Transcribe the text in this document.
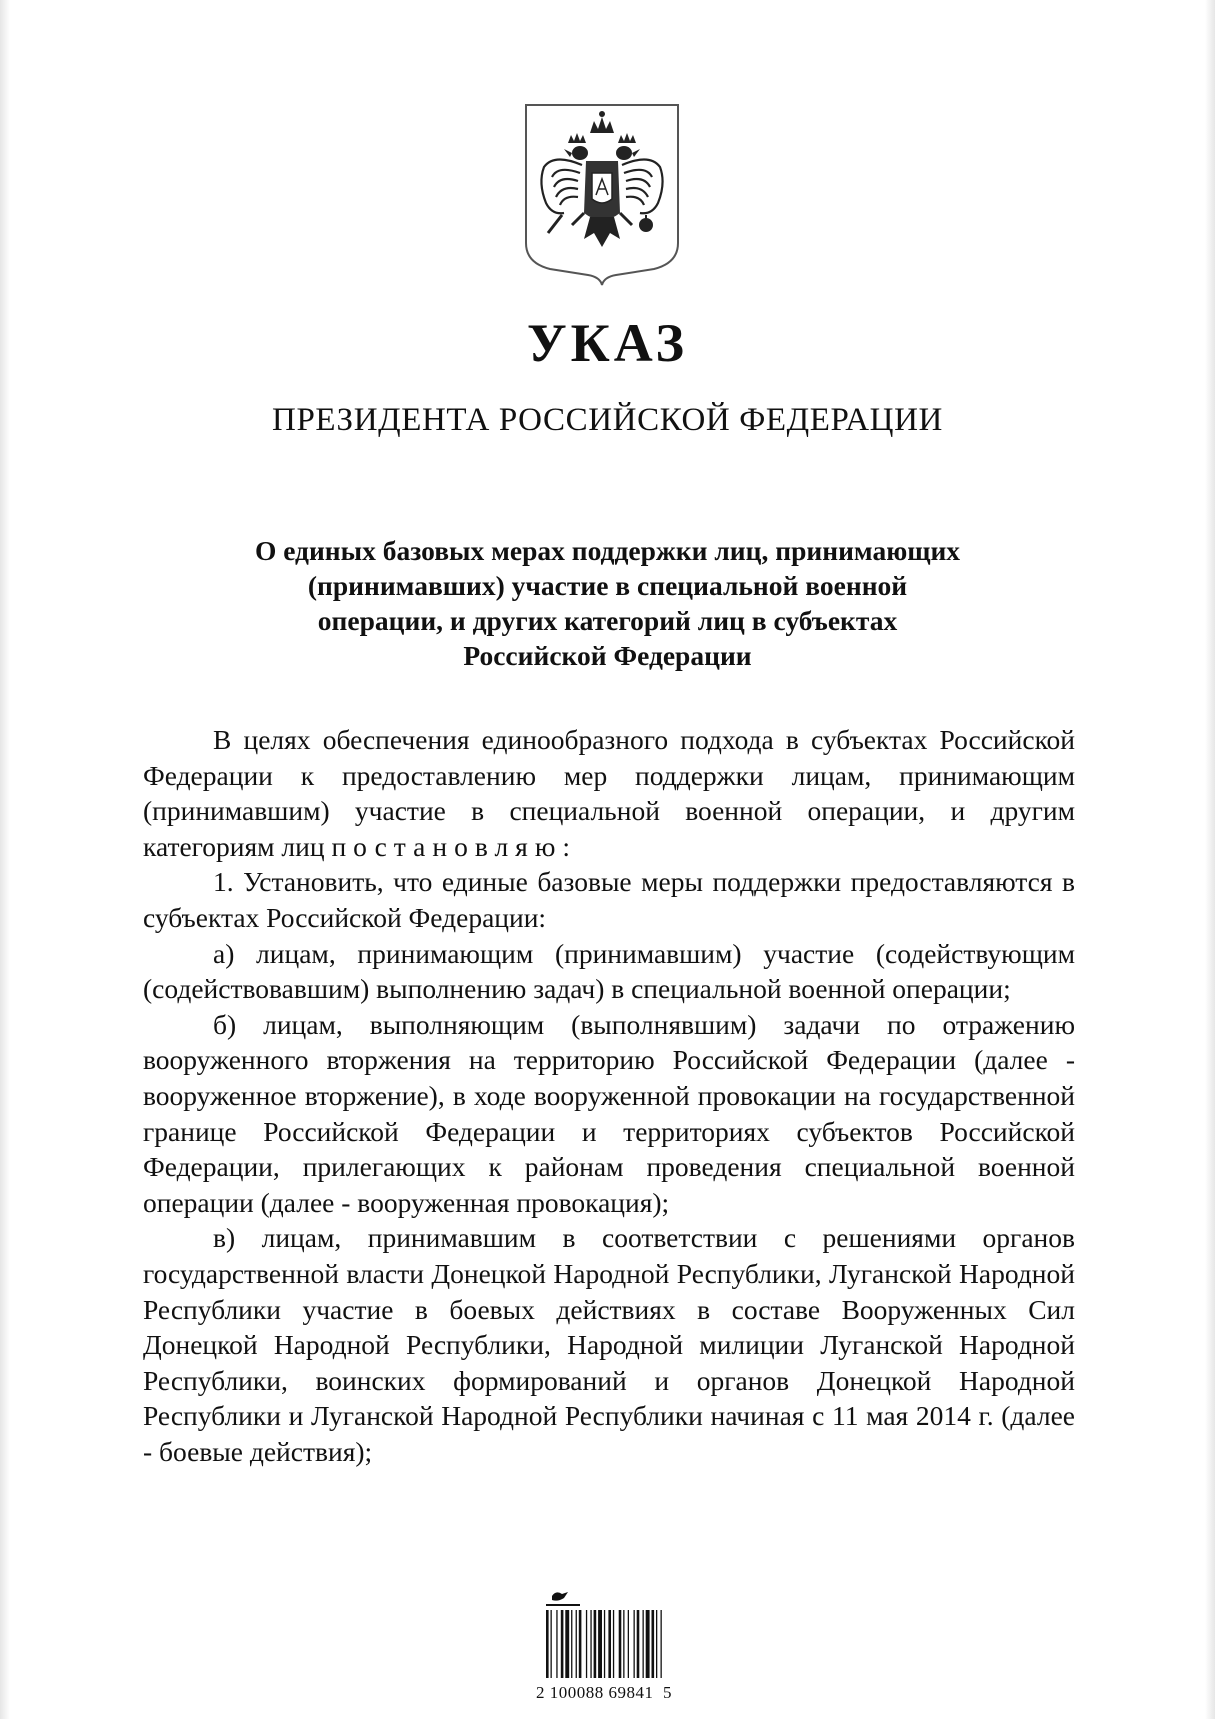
УКАЗ
ПРЕЗИДЕНТА РОССИЙСКОЙ ФЕДЕРАЦИИ
О единых базовых мерах поддержки лиц, принимающих
(принимавших) участие в специальной военной
операции, и других категорий лиц в субъектах
Российской Федерации

В целях обеспечения единообразного подхода в субъектах Российской Федерации к предоставлению мер поддержки лицам, принимающим (принимавшим) участие в специальной военной операции, и другим категориям лиц постановляю:

1. Установить, что единые базовые меры поддержки предоставляются в субъектах Российской Федерации:

а) лицам, принимающим (принимавшим) участие (содействующим (содействовавшим) выполнению задач) в специальной военной операции;

б) лицам, выполняющим (выполнявшим) задачи по отражению вооруженного вторжения на территорию Российской Федерации (далее - вооруженное вторжение), в ходе вооруженной провокации на государственной границе Российской Федерации и территориях субъектов Российской Федерации, прилегающих к районам проведения специальной военной операции (далее - вооруженная провокация);

в) лицам, принимавшим в соответствии с решениями органов государственной власти Донецкой Народной Республики, Луганской Народной Республики участие в боевых действиях в составе Вооруженных Сил Донецкой Народной Республики, Народной милиции Луганской Народной Республики, воинских формирований и органов Донецкой Народной Республики и Луганской Народной Республики начиная с 11 мая 2014 г. (далее - боевые действия);

2 100088 69841  5
